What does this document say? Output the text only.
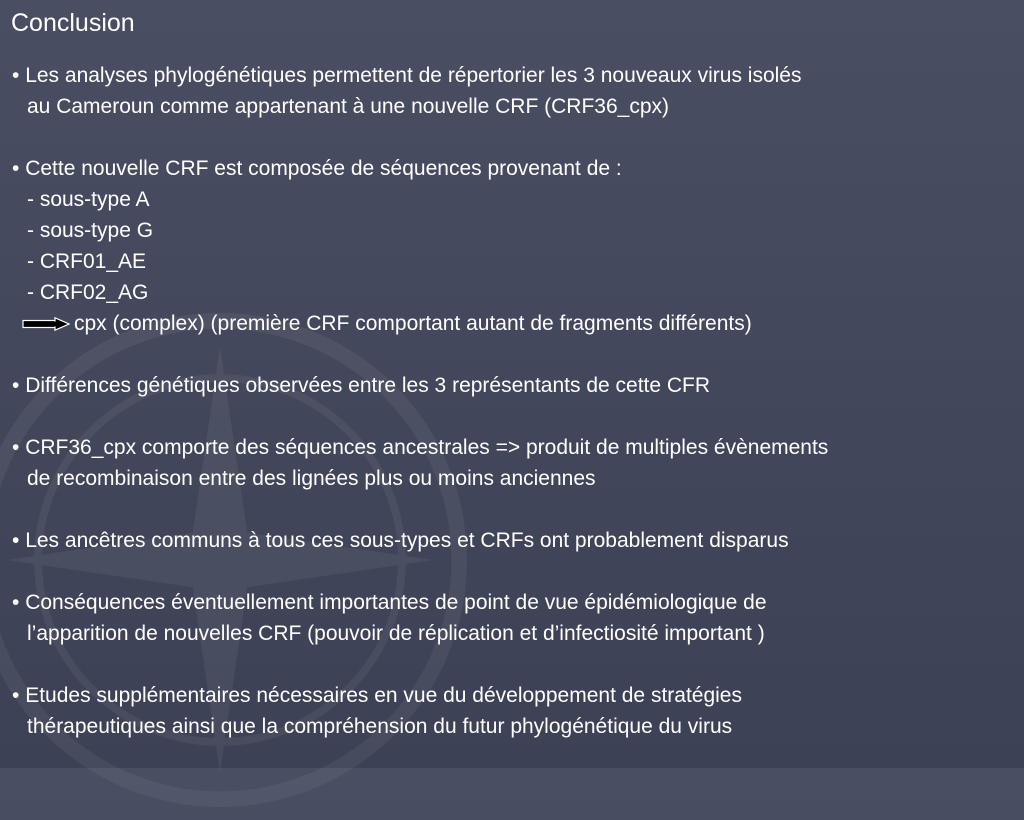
Conclusion
• Les analyses phylogénétiques permettent de répertorier les 3 nouveaux virus isolés
au Cameroun comme appartenant à une nouvelle CRF (CRF36_cpx)
• Cette nouvelle CRF est composée de séquences provenant de :
- sous-type A
- sous-type G
- CRF01_AE
- CRF02_AG
cpx (complex) (première CRF comportant autant de fragments différents)
• Différences génétiques observées entre les 3 représentants de cette CFR
• CRF36_cpx comporte des séquences ancestrales => produit de multiples évènements
de recombinaison entre des lignées plus ou moins anciennes
• Les ancêtres communs à tous ces sous-types et CRFs ont probablement disparus
• Conséquences éventuellement importantes de point de vue épidémiologique de
l’apparition de nouvelles CRF (pouvoir de réplication et d’infectiosité important )
• Etudes supplémentaires nécessaires en vue du développement de stratégies
thérapeutiques ainsi que la compréhension du futur phylogénétique du virus
